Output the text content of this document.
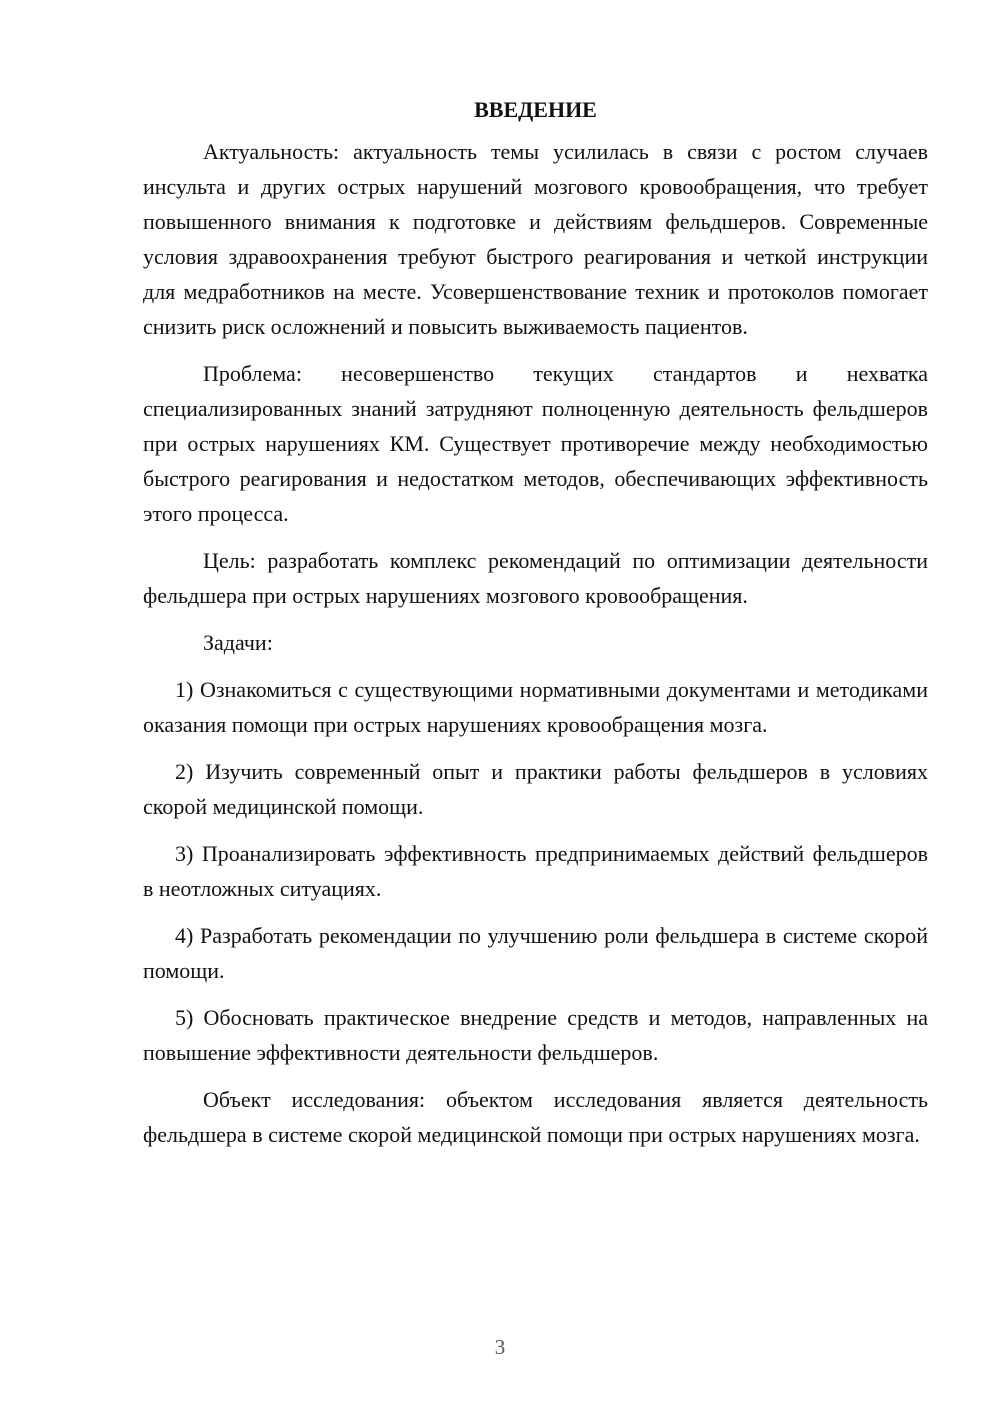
ВВЕДЕНИЕ

Актуальность: актуальность темы усилилась в связи с ростом случаев инсульта и других острых нарушений мозгового кровообращения, что требует повышенного внимания к подготовке и действиям фельдшеров. Современные условия здравоохранения требуют быстрого реагирования и четкой инструкции для медработников на месте. Усовершенствование техник и протоколов помогает снизить риск осложнений и повысить выживаемость пациентов.

Проблема: несовершенство текущих стандартов и нехватка специализированных знаний затрудняют полноценную деятельность фельдшеров при острых нарушениях КМ. Существует противоречие между необходимостью быстрого реагирования и недостатком методов, обеспечивающих эффективность этого процесса.

Цель: разработать комплекс рекомендаций по оптимизации деятельности фельдшера при острых нарушениях мозгового кровообращения.

Задачи:

1) Ознакомиться с существующими нормативными документами и методиками оказания помощи при острых нарушениях кровообращения мозга.

2) Изучить современный опыт и практики работы фельдшеров в условиях скорой медицинской помощи.

3) Проанализировать эффективность предпринимаемых действий фельдшеров в неотложных ситуациях.

4) Разработать рекомендации по улучшению роли фельдшера в системе скорой помощи.

5) Обосновать практическое внедрение средств и методов, направленных на повышение эффективности деятельности фельдшеров.

Объект исследования: объектом исследования является деятельность фельдшера в системе скорой медицинской помощи при острых нарушениях мозга.

3
